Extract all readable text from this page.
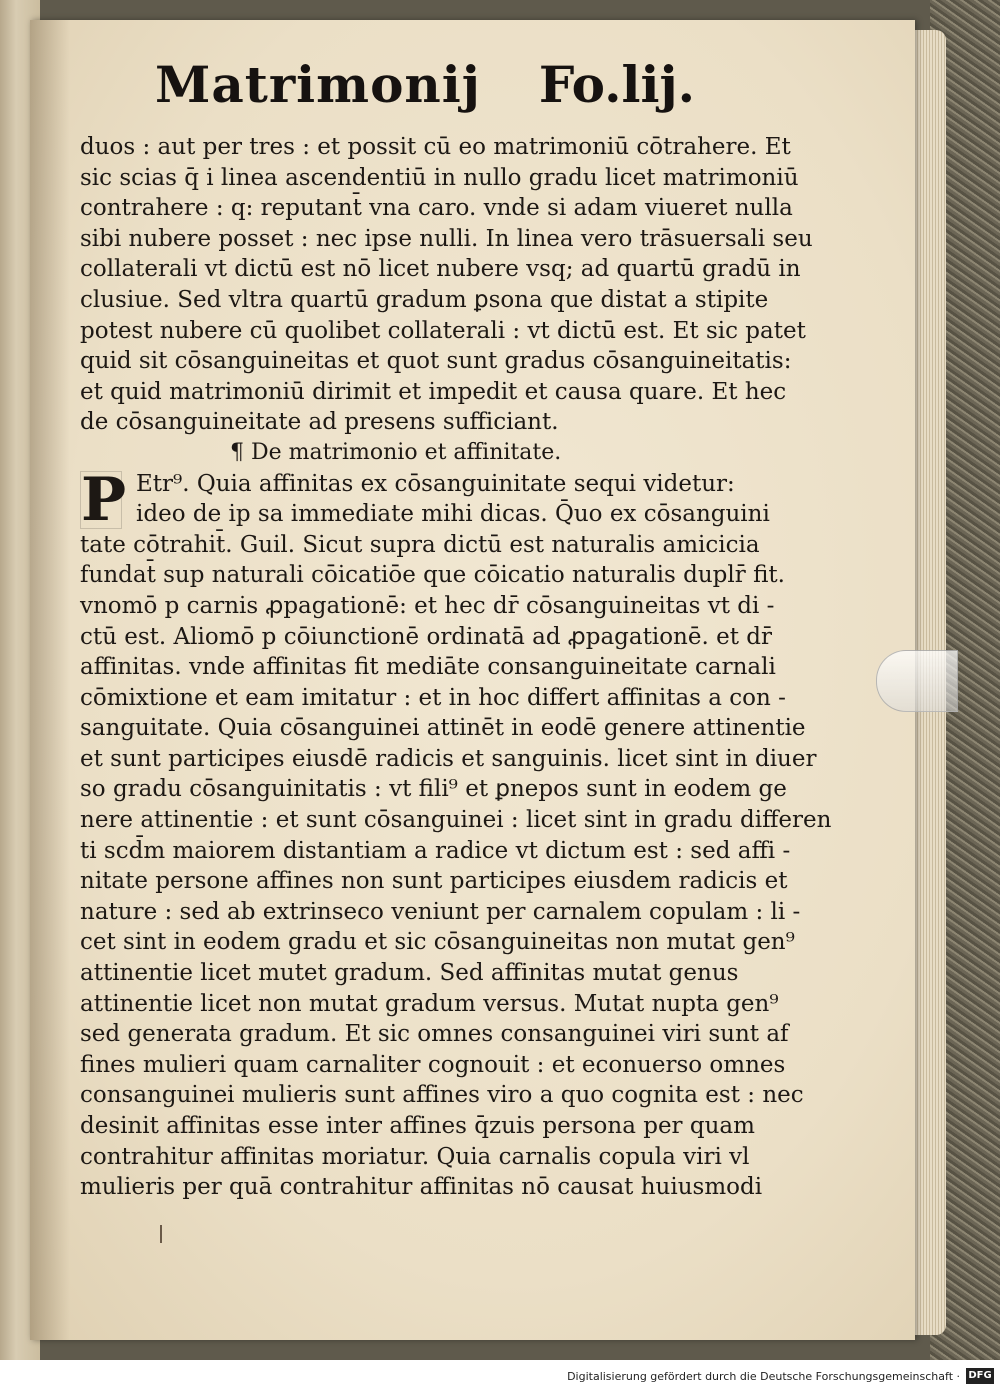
Matrimonij Fo.lij.
duos : aut per tres : et possit cū eo matrimoniū cōtrahere. Et
sic scias q̄ i linea ascendentiū in nullo gradu licet matrimoniū
contrahere : q: reputant̄ vna caro. vnde si adam viueret nulla
sibi nubere posset : nec ipse nulli. In linea vero trāsuersali seu
collaterali vt dictū est nō licet nubere vsq; ad quartū gradū in
clusiue. Sed vltra quartū gradum ꝑsona que distat a stipite
potest nubere cū quolibet collaterali : vt dictū est. Et sic patet
quid sit cōsanguineitas et quot sunt gradus cōsanguineitatis:
et quid matrimoniū dirimit et impedit et causa quare. Et hec
de cōsanguineitate ad presens sufficiant.
¶ De matrimonio et affinitate.
P Etr⁹. Quia affinitas ex cōsanguinitate sequi videtur:
ideo de ip sa immediate mihi dicas. Q̄uo ex cōsanguini
tate cōtrahit̄. Guil. Sicut supra dictū est naturalis amicicia
fundat̄ sup naturali cōicatiōe que cōicatio naturalis duplr̄ fit.
vnomō p carnis ꝓpagationē: et hec dr̄ cōsanguineitas vt di -
ctū est. Aliomō p cōiunctionē ordinatā ad ꝓpagationē. et dr̄
affinitas. vnde affinitas fit mediāte consanguineitate carnali
cōmixtione et eam imitatur : et in hoc differt affinitas a con -
sanguitate. Quia cōsanguinei attinēt in eodē genere attinentie
et sunt participes eiusdē radicis et sanguinis. licet sint in diuer
so gradu cōsanguinitatis : vt fili⁹ et ꝑnepos sunt in eodem ge
nere attinentie : et sunt cōsanguinei : licet sint in gradu differen
ti scd̄m maiorem distantiam a radice vt dictum est : sed affi -
nitate persone affines non sunt participes eiusdem radicis et
nature : sed ab extrinseco veniunt per carnalem copulam : li -
cet sint in eodem gradu et sic cōsanguineitas non mutat gen⁹
attinentie licet mutet gradum. Sed affinitas mutat genus
attinentie licet non mutat gradum versus. Mutat nupta gen⁹
sed generata gradum. Et sic omnes consanguinei viri sunt af
fines mulieri quam carnaliter cognouit : et econuerso omnes
consanguinei mulieris sunt affines viro a quo cognita est : nec
desinit affinitas esse inter affines q̄zuis persona per quam
contrahitur affinitas moriatur. Quia carnalis copula viri vl
mulieris per quā contrahitur affinitas nō causat huiusmodi
Digitalisierung gefördert durch die Deutsche Forschungsgemeinschaft · DFG
